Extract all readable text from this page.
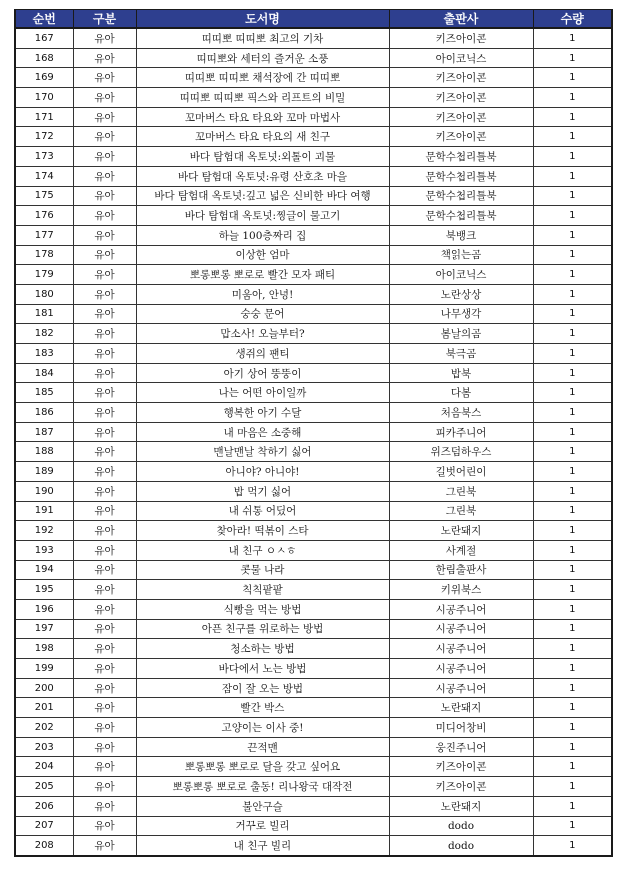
순번	구분	도서명	출판사	수량
167	유아	띠띠뽀 띠띠뽀 최고의 기차	키즈아이콘	1
168	유아	띠띠뽀와 세터의 즐거운 소풍	아이코닉스	1
169	유아	띠띠뽀 띠띠뽀 채석장에 간 띠띠뽀	키즈아이콘	1
170	유아	띠띠뽀 띠띠뽀 픽스와 리프트의 비밀	키즈아이콘	1
171	유아	꼬마버스 타요 타요와 꼬마 마법사	키즈아이콘	1
172	유아	꼬마버스 타요 타요의 새 친구	키즈아이콘	1
173	유아	바다 탐험대 옥토넛:외톨이 괴물	문학수첩리틀북	1
174	유아	바다 탐험대 옥토넛:유령 산호초 마을	문학수첩리틀북	1
175	유아	바다 탐험대 옥토넛:깊고 넓은 신비한 바다 여행	문학수첩리틀북	1
176	유아	바다 탐험대 옥토넛:찡글이 물고기	문학수첩리틀북	1
177	유아	하늘 100층짜리 집	북뱅크	1
178	유아	이상한 엄마	책읽는곰	1
179	유아	뽀롱뽀롱 뽀로로 빨간 모자 패티	아이코닉스	1
180	유아	미움아, 안녕!	노란상상	1
181	유아	숭숭 문어	나무생각	1
182	유아	맙소사! 오늘부터?	봄날의곰	1
183	유아	생쥐의 팬티	북극곰	1
184	유아	아기 상어 뚱뚱이	밥북	1
185	유아	나는 어떤 아이일까	다봄	1
186	유아	행복한 아기 수달	처음북스	1
187	유아	내 마음은 소중해	피카주니어	1
188	유아	맨날맨날 착하기 싫어	위즈덤하우스	1
189	유아	아니야? 아니야!	길벗어린이	1
190	유아	밥 먹기 싫어	그린북	1
191	유아	내 쉬통 어딨어	그린북	1
192	유아	찾아라! 떡볶이 스타	노란돼지	1
193	유아	내 친구 ㅇㅅㅎ	사계절	1
194	유아	콧물 나라	한림출판사	1
195	유아	칙칙팥팥	키위북스	1
196	유아	식빵을 먹는 방법	시공주니어	1
197	유아	아픈 친구를 위로하는 방법	시공주니어	1
198	유아	청소하는 방법	시공주니어	1
199	유아	바다에서 노는 방법	시공주니어	1
200	유아	잠이 잘 오는 방법	시공주니어	1
201	유아	빨간 박스	노란돼지	1
202	유아	고양이는 이사 중!	미디어창비	1
203	유아	끈적맨	웅진주니어	1
204	유아	뽀롱뽀롱 뽀로로 달을 갖고 싶어요	키즈아이콘	1
205	유아	뽀롱뽀롱 뽀로로 출동! 리나왕국 대작전	키즈아이콘	1
206	유아	불안구슬	노란돼지	1
207	유아	거꾸로 빌리	dodo	1
208	유아	내 친구 빌리	dodo	1
